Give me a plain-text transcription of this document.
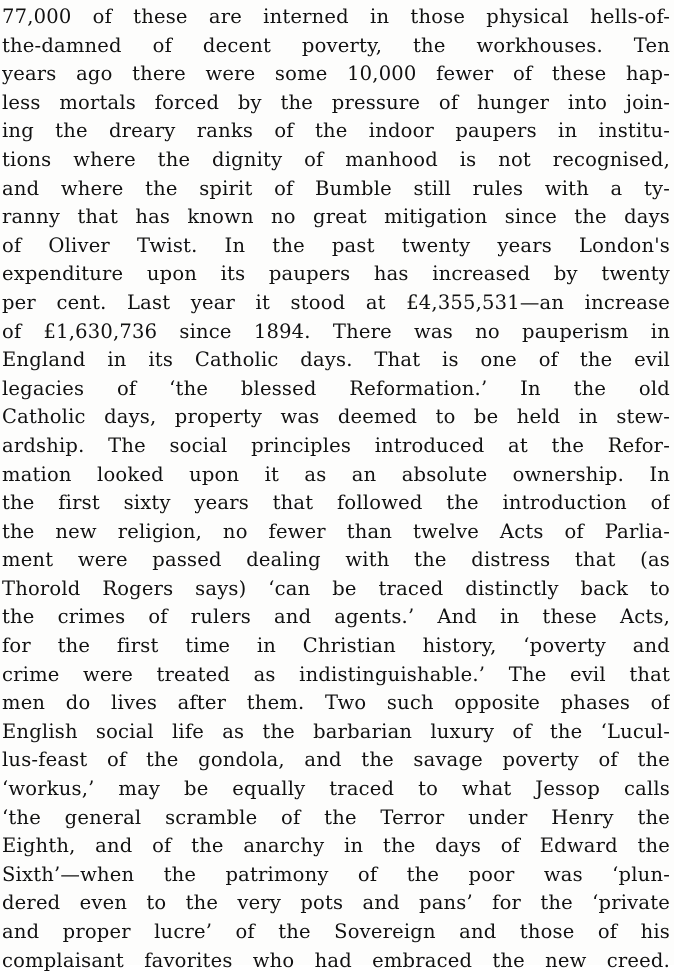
77,000 of these are interned in those physical hells-of-
the-damned of decent poverty, the workhouses. Ten
years ago there were some 10,000 fewer of these hap-
less mortals forced by the pressure of hunger into join-
ing the dreary ranks of the indoor paupers in institu-
tions where the dignity of manhood is not recognised,
and where the spirit of Bumble still rules with a ty-
ranny that has known no great mitigation since the days
of Oliver Twist. In the past twenty years London's
expenditure upon its paupers has increased by twenty
per cent. Last year it stood at £4,355,531—an increase
of £1,630,736 since 1894. There was no pauperism in
England in its Catholic days. That is one of the evil
legacies of ‘the blessed Reformation.’ In the old
Catholic days, property was deemed to be held in stew-
ardship. The social principles introduced at the Refor-
mation looked upon it as an absolute ownership. In
the first sixty years that followed the introduction of
the new religion, no fewer than twelve Acts of Parlia-
ment were passed dealing with the distress that (as
Thorold Rogers says) ‘can be traced distinctly back to
the crimes of rulers and agents.’ And in these Acts,
for the first time in Christian history, ‘poverty and
crime were treated as indistinguishable.’ The evil that
men do lives after them. Two such opposite phases of
English social life as the barbarian luxury of the ‘Lucul-
lus-feast of the gondola, and the savage poverty of the
‘workus,’ may be equally traced to what Jessop calls
‘the general scramble of the Terror under Henry the
Eighth, and of the anarchy in the days of Edward the
Sixth’—when the patrimony of the poor was ‘plun-
dered even to the very pots and pans’ for the ‘private
and proper lucre’ of the Sovereign and those of his
complaisant favorites who had embraced the new creed.
